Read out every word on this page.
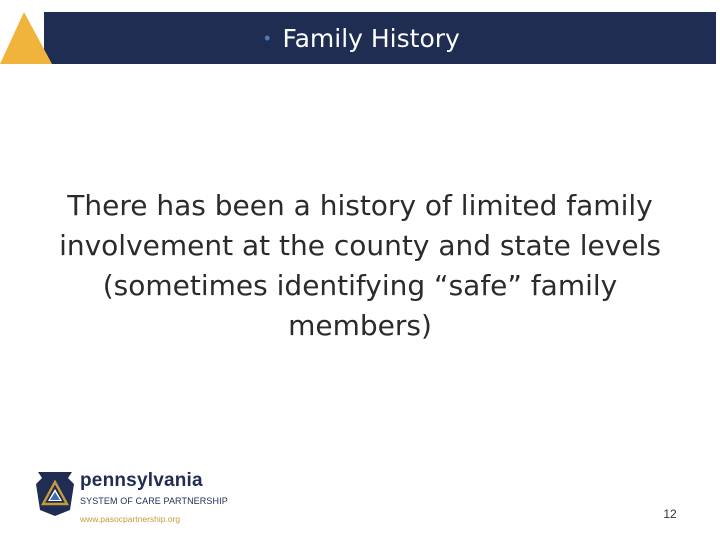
• Family History
There has been a history of limited family involvement at the county and state levels (sometimes identifying “safe” family members)
pennsylvania
SYSTEM OF CARE PARTNERSHIP
www.pasocpartnership.org	12
